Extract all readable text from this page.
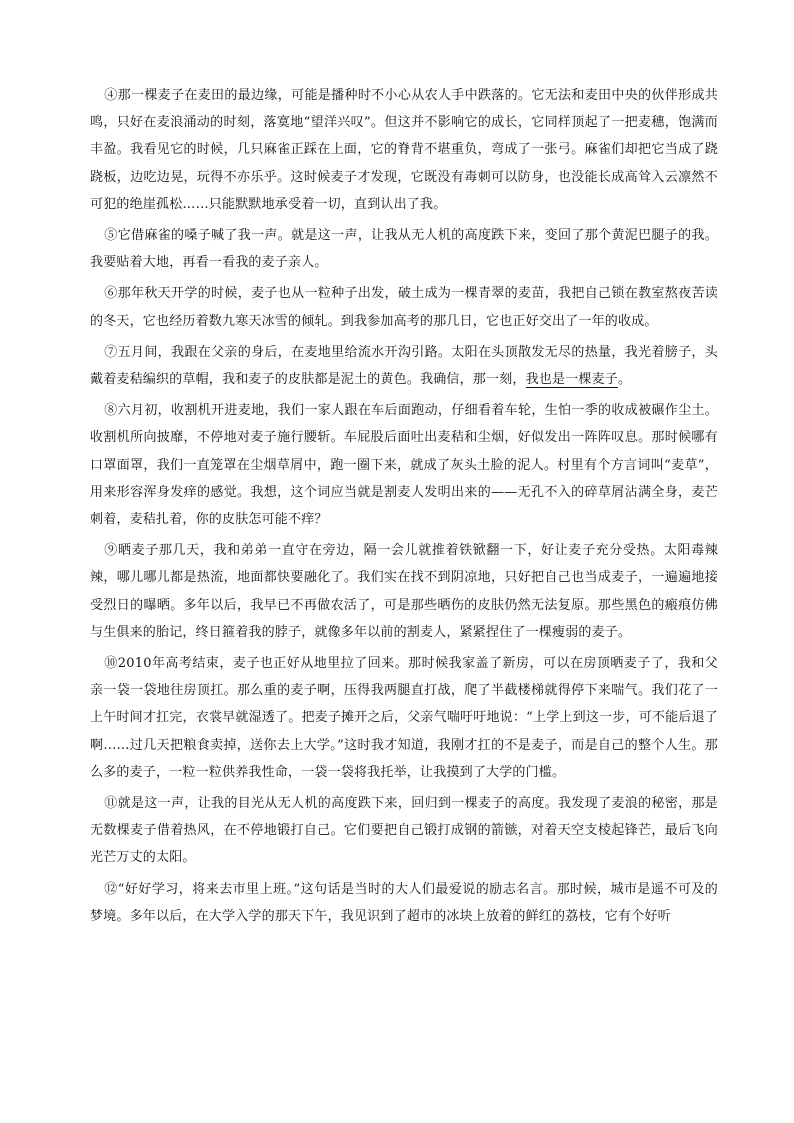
④那一棵麦子在麦田的最边缘，可能是播种时不小心从农人手中跌落的。它无法和麦田中央的伙伴形成共鸣，只好在麦浪涌动的时刻，落寞地“望洋兴叹”。但这并不影响它的成长，它同样顶起了一把麦穗，饱满而丰盈。我看见它的时候，几只麻雀正踩在上面，它的脊背不堪重负，弯成了一张弓。麻雀们却把它当成了跷跷板，边吃边晃，玩得不亦乐乎。这时候麦子才发现，它既没有毒刺可以防身，也没能长成高耸入云凛然不可犯的绝崖孤松……只能默默地承受着一切，直到认出了我。

⑤它借麻雀的嗓子喊了我一声。就是这一声，让我从无人机的高度跌下来，变回了那个黄泥巴腿子的我。我要贴着大地，再看一看我的麦子亲人。

⑥那年秋天开学的时候，麦子也从一粒种子出发，破土成为一棵青翠的麦苗，我把自己锁在教室熬夜苦读的冬天，它也经历着数九寒天冰雪的倾轧。到我参加高考的那几日，它也正好交出了一年的收成。

⑦五月间，我跟在父亲的身后，在麦地里给流水开沟引路。太阳在头顶散发无尽的热量，我光着膀子，头戴着麦秸编织的草帽，我和麦子的皮肤都是泥土的黄色。我确信，那一刻，我也是一棵麦子。

⑧六月初，收割机开进麦地，我们一家人跟在车后面跑动，仔细看着车轮，生怕一季的收成被碾作尘土。收割机所向披靡，不停地对麦子施行腰斩。车屁股后面吐出麦秸和尘烟，好似发出一阵阵叹息。那时候哪有口罩面罩，我们一直笼罩在尘烟草屑中，跑一圈下来，就成了灰头土脸的泥人。村里有个方言词叫“麦草”，用来形容浑身发痒的感觉。我想，这个词应当就是割麦人发明出来的——无孔不入的碎草屑沾满全身，麦芒刺着，麦秸扎着，你的皮肤怎可能不痒？

⑨晒麦子那几天，我和弟弟一直守在旁边，隔一会儿就推着铁锨翻一下，好让麦子充分受热。太阳毒辣辣，哪儿哪儿都是热流，地面都快要融化了。我们实在找不到阴凉地，只好把自己也当成麦子，一遍遍地接受烈日的曝晒。多年以后，我早已不再做农活了，可是那些晒伤的皮肤仍然无法复原。那些黑色的瘢痕仿佛与生俱来的胎记，终日箍着我的脖子，就像多年以前的割麦人，紧紧捏住了一棵瘦弱的麦子。

⑩2010年高考结束，麦子也正好从地里拉了回来。那时候我家盖了新房，可以在房顶晒麦子了，我和父亲一袋一袋地往房顶扛。那么重的麦子啊，压得我两腿直打战，爬了半截楼梯就得停下来喘气。我们花了一上午时间才扛完，衣裳早就湿透了。把麦子摊开之后，父亲气喘吁吁地说：“上学上到这一步，可不能后退了啊……过几天把粮食卖掉，送你去上大学。”这时我才知道，我刚才扛的不是麦子，而是自己的整个人生。那么多的麦子，一粒一粒供养我性命，一袋一袋将我托举，让我摸到了大学的门槛。

⑪就是这一声，让我的目光从无人机的高度跌下来，回归到一棵麦子的高度。我发现了麦浪的秘密，那是无数棵麦子借着热风，在不停地锻打自己。它们要把自己锻打成钢的箭镞，对着天空支棱起锋芒，最后飞向光芒万丈的太阳。

⑫“好好学习，将来去市里上班。”这句话是当时的大人们最爱说的励志名言。那时候，城市是遥不可及的梦境。多年以后，在大学入学的那天下午，我见识到了超市的冰块上放着的鲜红的荔枝，它有个好听
